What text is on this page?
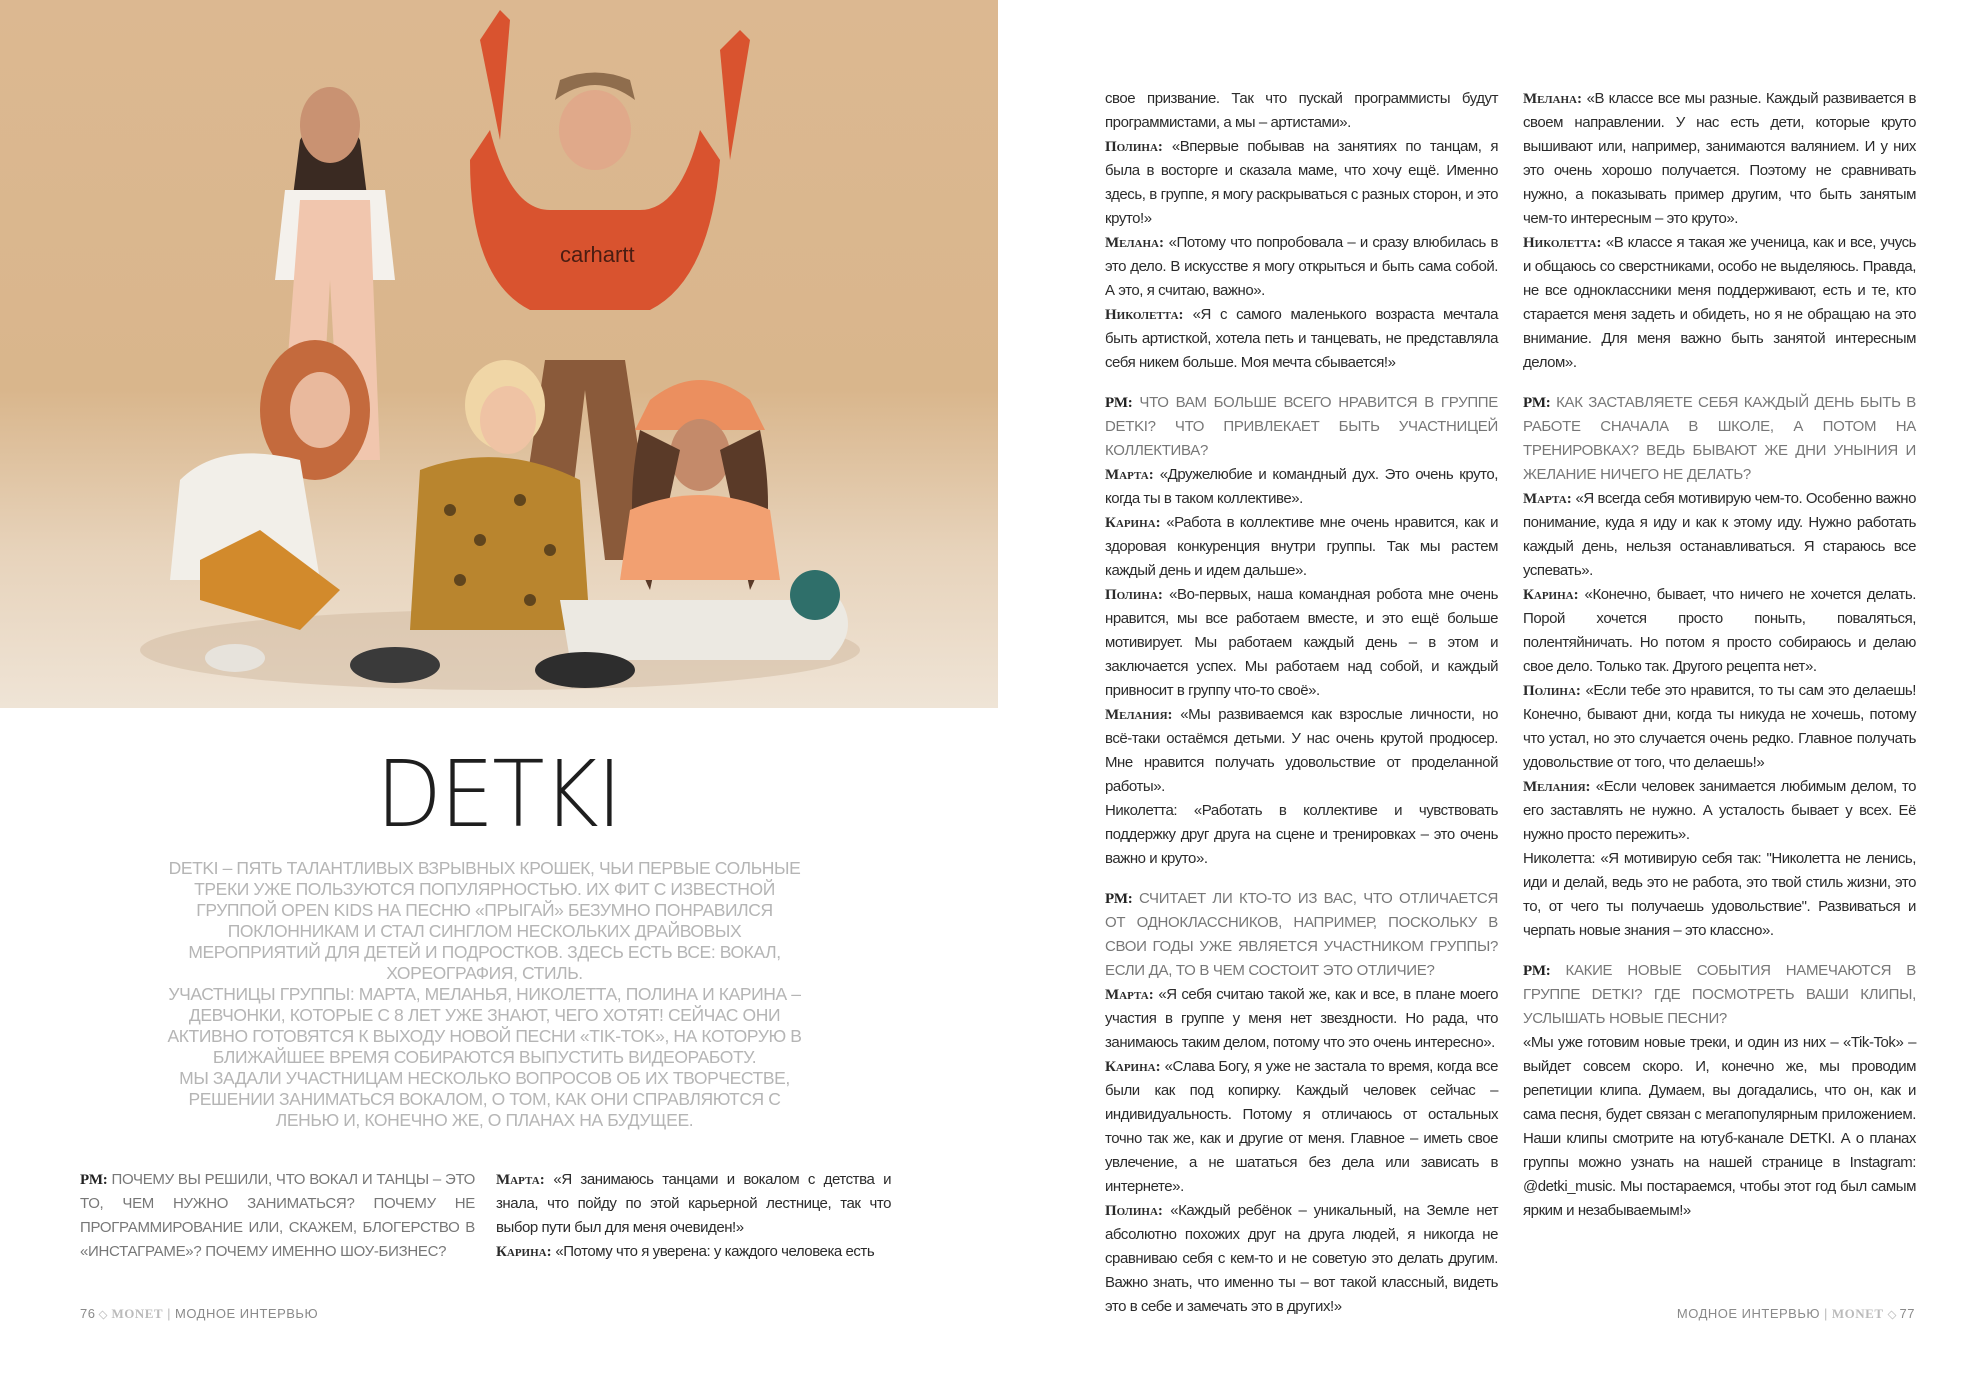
carhartt
DETKI

DETKI – ПЯТЬ ТАЛАНТЛИВЫХ ВЗРЫВНЫХ КРОШЕК, ЧЬИ ПЕРВЫЕ СОЛЬНЫЕ ТРЕКИ УЖЕ ПОЛЬЗУЮТСЯ ПОПУЛЯРНОСТЬЮ. ИХ ФИТ С ИЗВЕСТНОЙ ГРУППОЙ OPEN KIDS НА ПЕСНЮ «ПРЫГАЙ» БЕЗУМНО ПОНРАВИЛСЯ ПОКЛОННИКАМ И СТАЛ СИНГЛОМ НЕСКОЛЬКИХ ДРАЙВОВЫХ МЕРОПРИЯТИЙ ДЛЯ ДЕТЕЙ И ПОДРОСТКОВ. ЗДЕСЬ ЕСТЬ ВСЕ: ВОКАЛ, ХОРЕОГРАФИЯ, СТИЛЬ.

УЧАСТНИЦЫ ГРУППЫ: МАРТА, МЕЛАНЬЯ, НИКОЛЕТТА, ПОЛИНА И КАРИНА – ДЕВЧОНКИ, КОТОРЫЕ С 8 ЛЕТ УЖЕ ЗНАЮТ, ЧЕГО ХОТЯТ! СЕЙЧАС ОНИ АКТИВНО ГОТОВЯТСЯ К ВЫХОДУ НОВОЙ ПЕСНИ «TIK-TOK», НА КОТОРУЮ В БЛИЖАЙШЕЕ ВРЕМЯ СОБИРАЮТСЯ ВЫПУСТИТЬ ВИДЕОРАБОТУ.

МЫ ЗАДАЛИ УЧАСТНИЦАМ НЕСКОЛЬКО ВОПРОСОВ ОБ ИХ ТВОРЧЕСТВЕ, РЕШЕНИИ ЗАНИМАТЬСЯ ВОКАЛОМ, О ТОМ, КАК ОНИ СПРАВЛЯЮТСЯ С ЛЕНЬЮ И, КОНЕЧНО ЖЕ, О ПЛАНАХ НА БУДУЩЕЕ.

PM: ПОЧЕМУ ВЫ РЕШИЛИ, ЧТО ВОКАЛ И ТАНЦЫ – ЭТО ТО, ЧЕМ НУЖНО ЗАНИМАТЬСЯ? ПОЧЕМУ НЕ ПРОГРАММИРОВАНИЕ ИЛИ, СКАЖЕМ, БЛОГЕРСТВО В «ИНСТАГРАМЕ»? ПОЧЕМУ ИМЕННО ШОУ-БИЗНЕС?

Марта: «Я занимаюсь танцами и вокалом с детства и знала, что пойду по этой карьерной лестнице, так что выбор пути был для меня очевиден!»

Карина: «Потому что я уверена: у каждого человека есть

свое призвание. Так что пускай программисты будут программистами, а мы – артистами».

Полина: «Впервые побывав на занятиях по танцам, я была в восторге и сказала маме, что хочу ещё. Именно здесь, в группе, я могу раскрываться с разных сторон, и это круто!»

Мелана: «Потому что попробовала – и сразу влюбилась в это дело. В искусстве я могу открыться и быть сама собой. А это, я считаю, важно».

Николетта: «Я с самого маленького возраста мечтала быть артисткой, хотела петь и танцевать, не представляла себя никем больше. Моя мечта сбывается!»

PM: ЧТО ВАМ БОЛЬШЕ ВСЕГО НРАВИТСЯ В ГРУППЕ DETKI? ЧТО ПРИВЛЕКАЕТ БЫТЬ УЧАСТНИЦЕЙ КОЛЛЕКТИВА?

Марта: «Дружелюбие и командный дух. Это очень круто, когда ты в таком коллективе».

Карина: «Работа в коллективе мне очень нравится, как и здоровая конкуренция внутри группы. Так мы растем каждый день и идем дальше».

Полина: «Во-первых, наша командная робота мне очень нравится, мы все работаем вместе, и это ещё больше мотивирует. Мы работаем каждый день – в этом и заключается успех. Мы работаем над собой, и каждый привносит в группу что-то своё».

Мелания: «Мы развиваемся как взрослые личности, но всё-таки остаёмся детьми. У нас очень крутой продюсер. Мне нравится получать удовольствие от проделанной работы».

Николетта: «Работать в коллективе и чувствовать поддержку друг друга на сцене и тренировках – это очень важно и круто».

PM: СЧИТАЕТ ЛИ КТО-ТО ИЗ ВАС, ЧТО ОТЛИЧАЕТСЯ ОТ ОДНОКЛАССНИКОВ, НАПРИМЕР, ПОСКОЛЬКУ В СВОИ ГОДЫ УЖЕ ЯВЛЯЕТСЯ УЧАСТНИКОМ ГРУППЫ? ЕСЛИ ДА, ТО В ЧЕМ СОСТОИТ ЭТО ОТЛИЧИЕ?

Марта: «Я себя считаю такой же, как и все, в плане моего участия в группе у меня нет звездности. Но рада, что занимаюсь таким делом, потому что это очень интересно».

Карина: «Слава Богу, я уже не застала то время, когда все были как под копирку. Каждый человек сейчас – индивидуальность. Потому я отличаюсь от остальных точно так же, как и другие от меня. Главное – иметь свое увлечение, а не шататься без дела или зависать в интернете».

Полина: «Каждый ребёнок – уникальный, на Земле нет абсолютно похожих друг на друга людей, я никогда не сравниваю себя с кем-то и не советую это делать другим. Важно знать, что именно ты – вот такой классный, видеть это в себе и замечать это в других!»

Мелана: «В классе все мы разные. Каждый развивается в своем направлении. У нас есть дети, которые круто вышивают или, например, занимаются валянием. И у них это очень хорошо получается. Поэтому не сравнивать нужно, а показывать пример другим, что быть занятым чем-то интересным – это круто».

Николетта: «В классе я такая же ученица, как и все, учусь и общаюсь со сверстниками, особо не выделяюсь. Правда, не все одноклассники меня поддерживают, есть и те, кто старается меня задеть и обидеть, но я не обращаю на это внимание. Для меня важно быть занятой интересным делом».

PM: КАК ЗАСТАВЛЯЕТЕ СЕБЯ КАЖДЫЙ ДЕНЬ БЫТЬ В РАБОТЕ СНАЧАЛА В ШКОЛЕ, А ПОТОМ НА ТРЕНИРОВКАХ? ВЕДЬ БЫВАЮТ ЖЕ ДНИ УНЫНИЯ И ЖЕЛАНИЕ НИЧЕГО НЕ ДЕЛАТЬ?

Марта: «Я всегда себя мотивирую чем-то. Особенно важно понимание, куда я иду и как к этому иду. Нужно работать каждый день, нельзя останавливаться. Я стараюсь все успевать».

Карина: «Конечно, бывает, что ничего не хочется делать. Порой хочется просто поныть, поваляться, полентяйничать. Но потом я просто собираюсь и делаю свое дело. Только так. Другого рецепта нет».

Полина: «Если тебе это нравится, то ты сам это делаешь! Конечно, бывают дни, когда ты никуда не хочешь, потому что устал, но это случается очень редко. Главное получать удовольствие от того, что делаешь!»

Мелания: «Если человек занимается любимым делом, то его заставлять не нужно. А усталость бывает у всех. Её нужно просто пережить».

Николетта: «Я мотивирую себя так: "Николетта не ленись, иди и делай, ведь это не работа, это твой стиль жизни, это то, от чего ты получаешь удовольствие". Развиваться и черпать новые знания – это классно».

PM: КАКИЕ НОВЫЕ СОБЫТИЯ НАМЕЧАЮТСЯ В ГРУППЕ DETKI? ГДЕ ПОСМОТРЕТЬ ВАШИ КЛИПЫ, УСЛЫШАТЬ НОВЫЕ ПЕСНИ?

«Мы уже готовим новые треки, и один из них – «Tik-Tok» – выйдет совсем скоро. И, конечно же, мы проводим репетиции клипа. Думаем, вы догадались, что он, как и сама песня, будет связан с мегапопулярным приложением. Наши клипы смотрите на ютуб-канале DETKI. А о планах группы можно узнать на нашей странице в Instagram: @detki_music. Мы постараемся, чтобы этот год был самым ярким и незабываемым!»

76 MONET | МОДНОЕ ИНТЕРВЬЮ	МОДНОЕ ИНТЕРВЬЮ | MONET 77
